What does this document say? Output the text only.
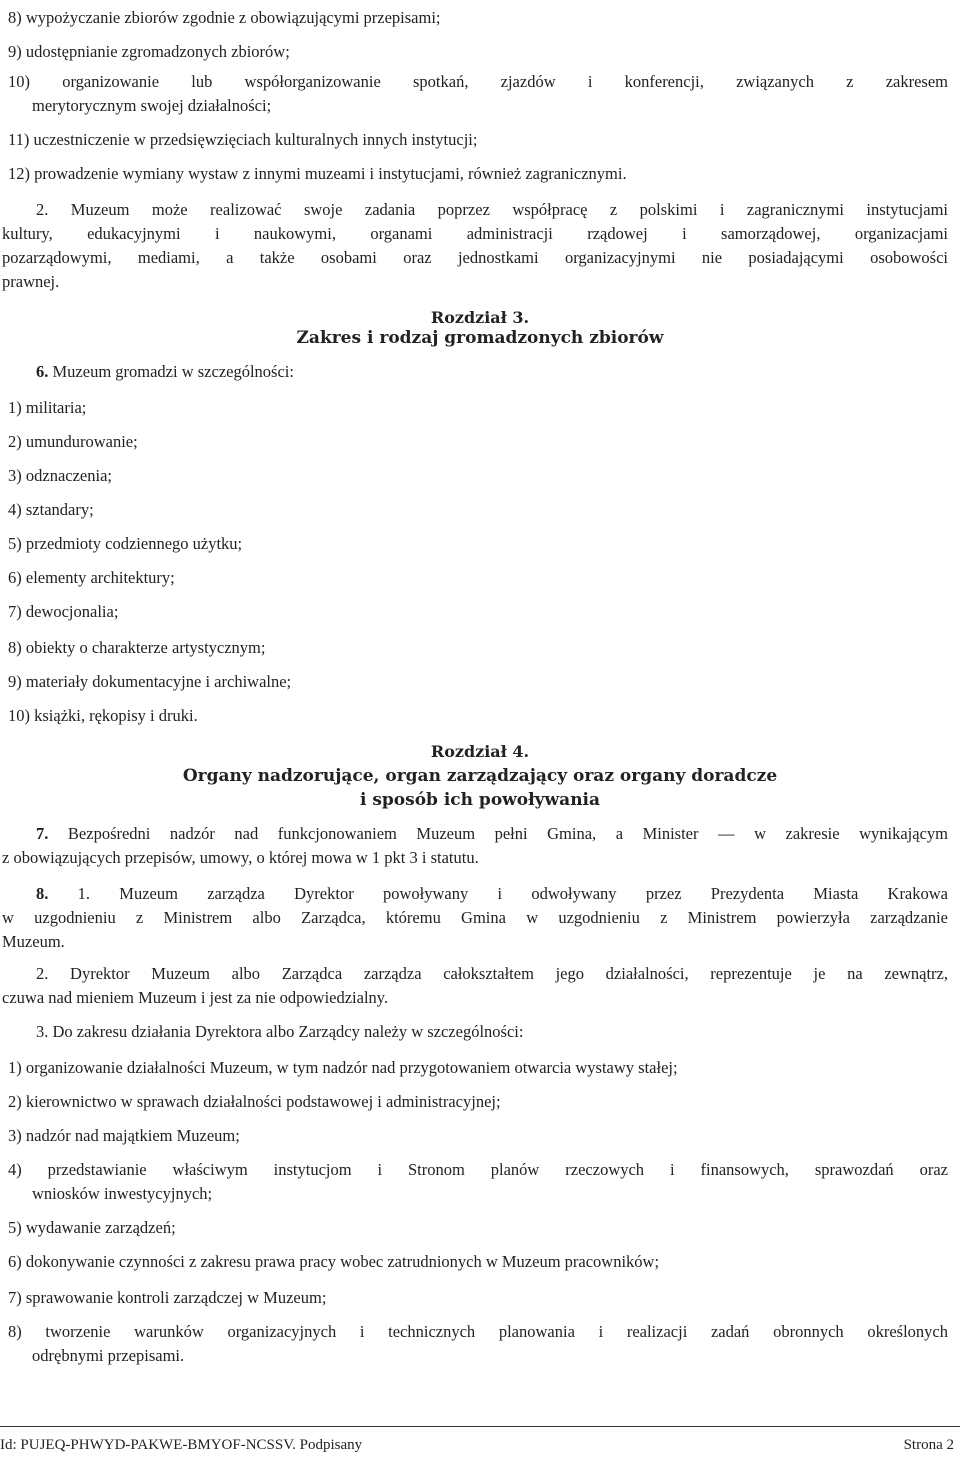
8) wypożyczanie zbiorów zgodnie z obowiązującymi przepisami;
9) udostępnianie zgromadzonych zbiorów;
10) organizowanie lub współorganizowanie spotkań, zjazdów i konferencji, związanych z zakresem
merytorycznym swojej działalności;
11) uczestniczenie w przedsięwzięciach kulturalnych innych instytucji;
12) prowadzenie wymiany wystaw z innymi muzeami i instytucjami, również zagranicznymi.
2. Muzeum może realizować swoje zadania poprzez współpracę z polskimi i zagranicznymi instytucjami
kultury, edukacyjnymi i naukowymi, organami administracji rządowej i samorządowej, organizacjami
pozarządowymi, mediami, a także osobami oraz jednostkami organizacyjnymi nie posiadającymi osobowości
prawnej.
Rozdział 3.
Zakres i rodzaj gromadzonych zbiorów
6. Muzeum gromadzi w szczególności:
1) militaria;
2) umundurowanie;
3) odznaczenia;
4) sztandary;
5) przedmioty codziennego użytku;
6) elementy architektury;
7) dewocjonalia;
8) obiekty o charakterze artystycznym;
9) materiały dokumentacyjne i archiwalne;
10) książki, rękopisy i druki.
Rozdział 4.
Organy nadzorujące, organ zarządzający oraz organy doradcze
i sposób ich powoływania
7. Bezpośredni nadzór nad funkcjonowaniem Muzeum pełni Gmina, a Minister — w zakresie wynikającym
z obowiązujących przepisów, umowy, o której mowa w 1 pkt 3 i statutu.
8. 1. Muzeum zarządza Dyrektor powoływany i odwoływany przez Prezydenta Miasta Krakowa
w uzgodnieniu z Ministrem albo Zarządca, któremu Gmina w uzgodnieniu z Ministrem powierzyła zarządzanie
Muzeum.
2. Dyrektor Muzeum albo Zarządca zarządza całokształtem jego działalności, reprezentuje je na zewnątrz,
czuwa nad mieniem Muzeum i jest za nie odpowiedzialny.
3. Do zakresu działania Dyrektora albo Zarządcy należy w szczególności:
1) organizowanie działalności Muzeum, w tym nadzór nad przygotowaniem otwarcia wystawy stałej;
2) kierownictwo w sprawach działalności podstawowej i administracyjnej;
3) nadzór nad majątkiem Muzeum;
4) przedstawianie właściwym instytucjom i Stronom planów rzeczowych i finansowych, sprawozdań oraz
wniosków inwestycyjnych;
5) wydawanie zarządzeń;
6) dokonywanie czynności z zakresu prawa pracy wobec zatrudnionych w Muzeum pracowników;
7) sprawowanie kontroli zarządczej w Muzeum;
8) tworzenie warunków organizacyjnych i technicznych planowania i realizacji zadań obronnych określonych
odrębnymi przepisami.
Id: PUJEQ-PHWYD-PAKWE-BMYOF-NCSSV. Podpisany	Strona 2
